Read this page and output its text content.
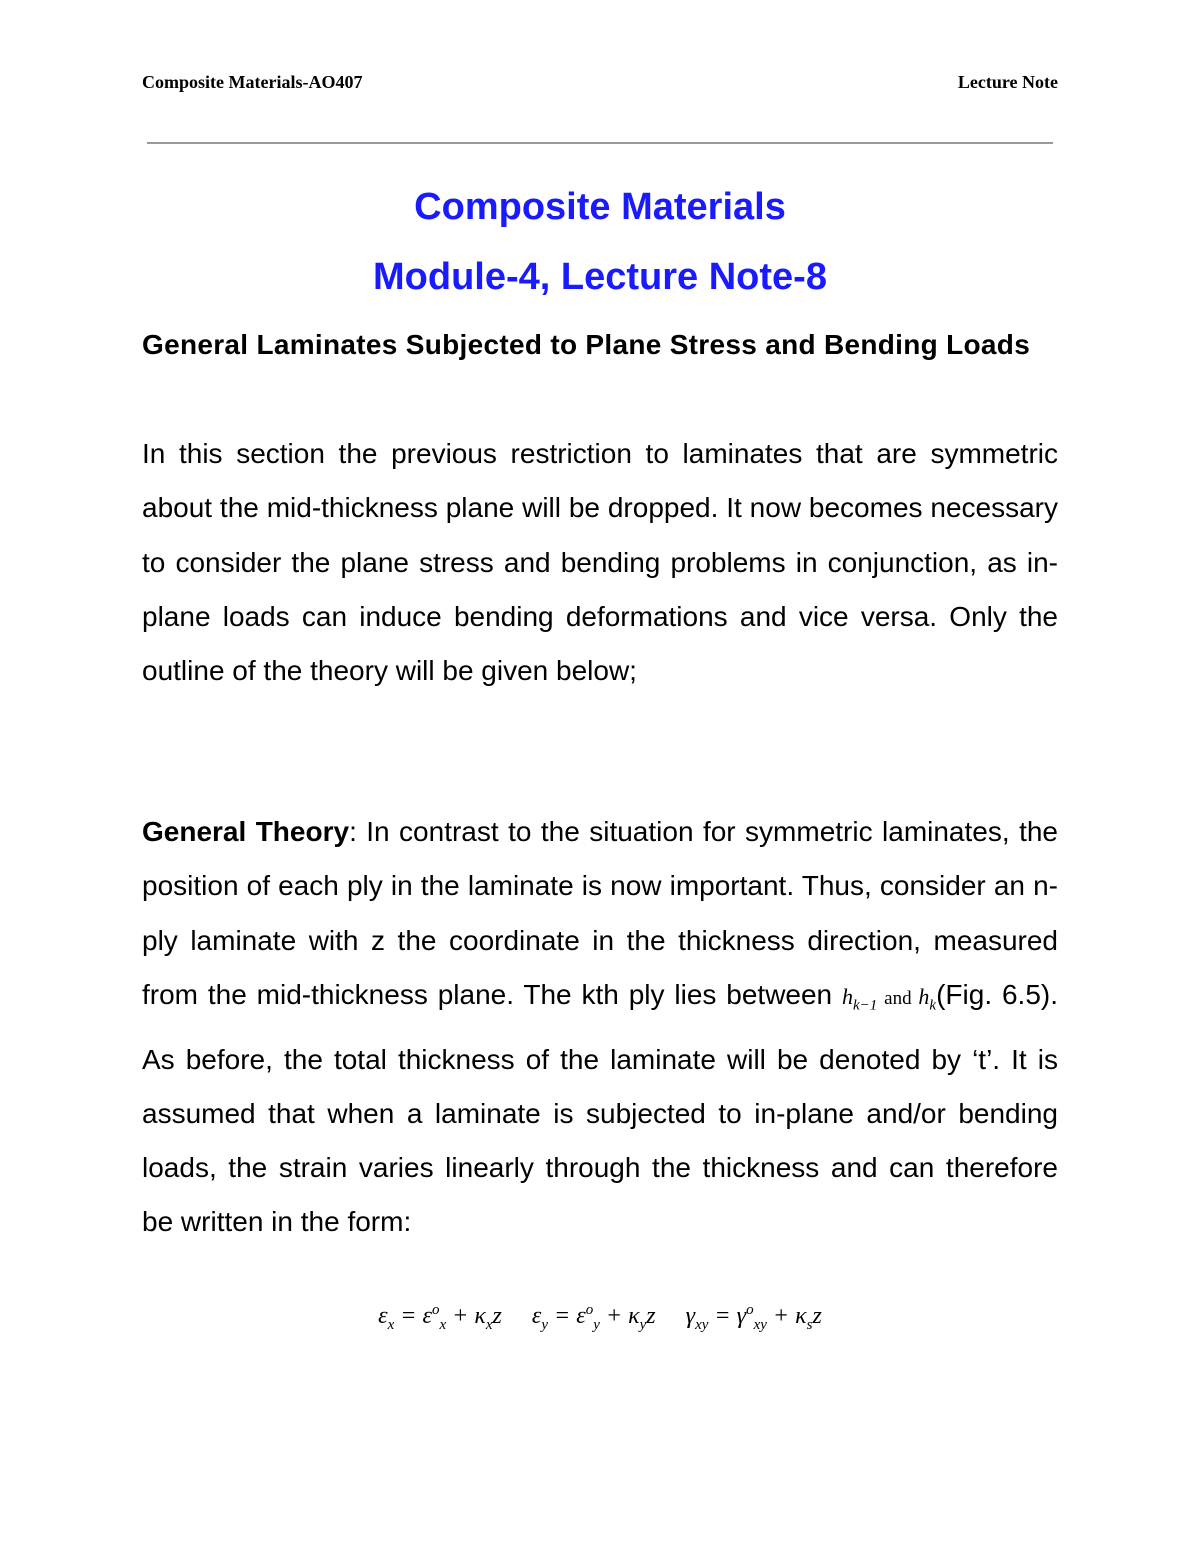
Composite Materials-AO407	Lecture Note
Composite Materials
Module-4, Lecture Note-8

General Laminates Subjected to Plane Stress and Bending Loads

In this section the previous restriction to laminates that are symmetric about the mid-thickness plane will be dropped. It now becomes necessary to consider the plane stress and bending problems in conjunction, as in-plane loads can induce bending deformations and vice versa. Only the outline of the theory will be given below;

General Theory: In contrast to the situation for symmetric laminates, the position of each ply in the laminate is now important. Thus, consider an n-ply laminate with z the coordinate in the thickness direction, measured from the mid-thickness plane. The kth ply lies between $h_{k-1}$ and $h_k(Fig$. 6.5). As before, the total thickness of the laminate will be denoted by ‘t’. It is assumed that when a laminate is subjected to in-plane and/or bending loads, the strain varies linearly through the thickness and can therefore be written in the form:

$\varepsilon_x = \varepsilon^o_x + \kappa_xz$ $\varepsilon_y = \varepsilon^o_y + \kappa_yz$ $\gamma_{xy} = \gamma^o_{xy} + \kappa_sz$
